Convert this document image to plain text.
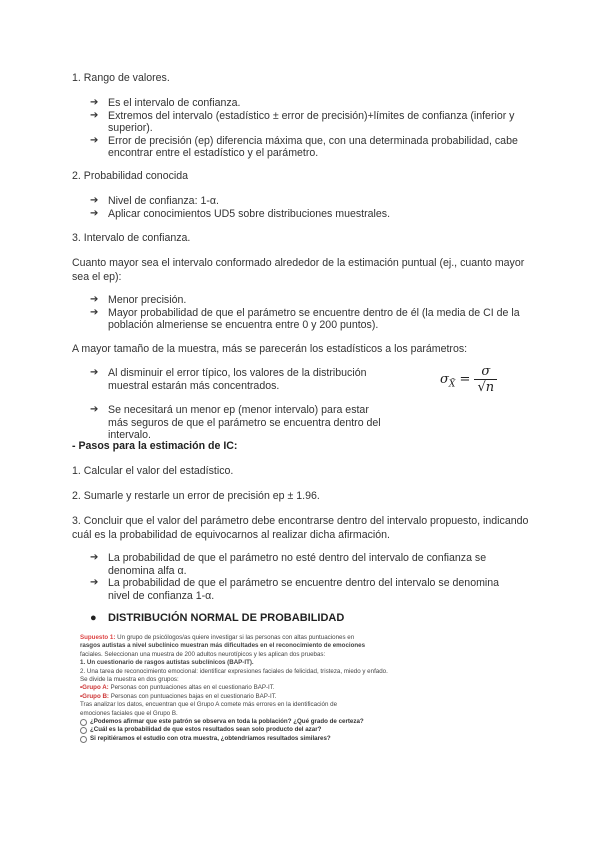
1. Rango de valores.
➔ Es el intervalo de confianza.
➔ Extremos del intervalo (estadístico ± error de precisión)+límites de confianza (inferior y superior).
➔ Error de precisión (ep) diferencia máxima que, con una determinada probabilidad, cabe encontrar entre el estadístico y el parámetro.
2. Probabilidad conocida
➔ Nivel de confianza: 1-α.
➔ Aplicar conocimientos UD5 sobre distribuciones muestrales.
3. Intervalo de confianza.
Cuanto mayor sea el intervalo conformado alrededor de la estimación puntual (ej., cuanto mayor sea el ep):
➔ Menor precisión.
➔ Mayor probabilidad de que el parámetro se encuentre dentro de él (la media de CI de la población almeriense se encuentra entre 0 y 200 puntos).
A mayor tamaño de la muestra, más se parecerán los estadísticos a los parámetros:
➔ Al disminuir el error típico, los valores de la distribución muestral estarán más concentrados.
➔ Se necesitará un menor ep (menor intervalo) para estar más seguros de que el parámetro se encuentra dentro del intervalo.
$\sigma_{X̄} = \frac{\sigma}{√n}$
- Pasos para la estimación de IC:
1. Calcular el valor del estadístico.
2. Sumarle y restarle un error de precisión ep ± 1.96.
3. Concluir que el valor del parámetro debe encontrarse dentro del intervalo propuesto, indicando cuál es la probabilidad de equivocarnos al realizar dicha afirmación.
➔ La probabilidad de que el parámetro no esté dentro del intervalo de confianza se denomina alfa α.
➔ La probabilidad de que el parámetro se encuentre dentro del intervalo se denomina nivel de confianza 1-α.
● DISTRIBUCIÓN NORMAL DE PROBABILIDAD
Supuesto 1: Un grupo de psicólogos/as quiere investigar si las personas con altas puntuaciones en
rasgos autistas a nivel subclínico muestran más dificultades en el reconocimiento de emociones
faciales. Seleccionan una muestra de 200 adultos neurotípicos y les aplican dos pruebas:
1. Un cuestionario de rasgos autistas subclínicos (BAP-IT).
2. Una tarea de reconocimiento emocional: identificar expresiones faciales de felicidad, tristeza, miedo y enfado.
Se divide la muestra en dos grupos:
•Grupo A: Personas con puntuaciones altas en el cuestionario BAP-IT.
•Grupo B: Personas con puntuaciones bajas en el cuestionario BAP-IT.
Tras analizar los datos, encuentran que el Grupo A comete más errores en la identificación de
emociones faciales que el Grupo B.
¿Podemos afirmar que este patrón se observa en toda la población? ¿Qué grado de certeza?
¿Cuál es la probabilidad de que estos resultados sean solo producto del azar?
Si repitiéramos el estudio con otra muestra, ¿obtendríamos resultados similares?
